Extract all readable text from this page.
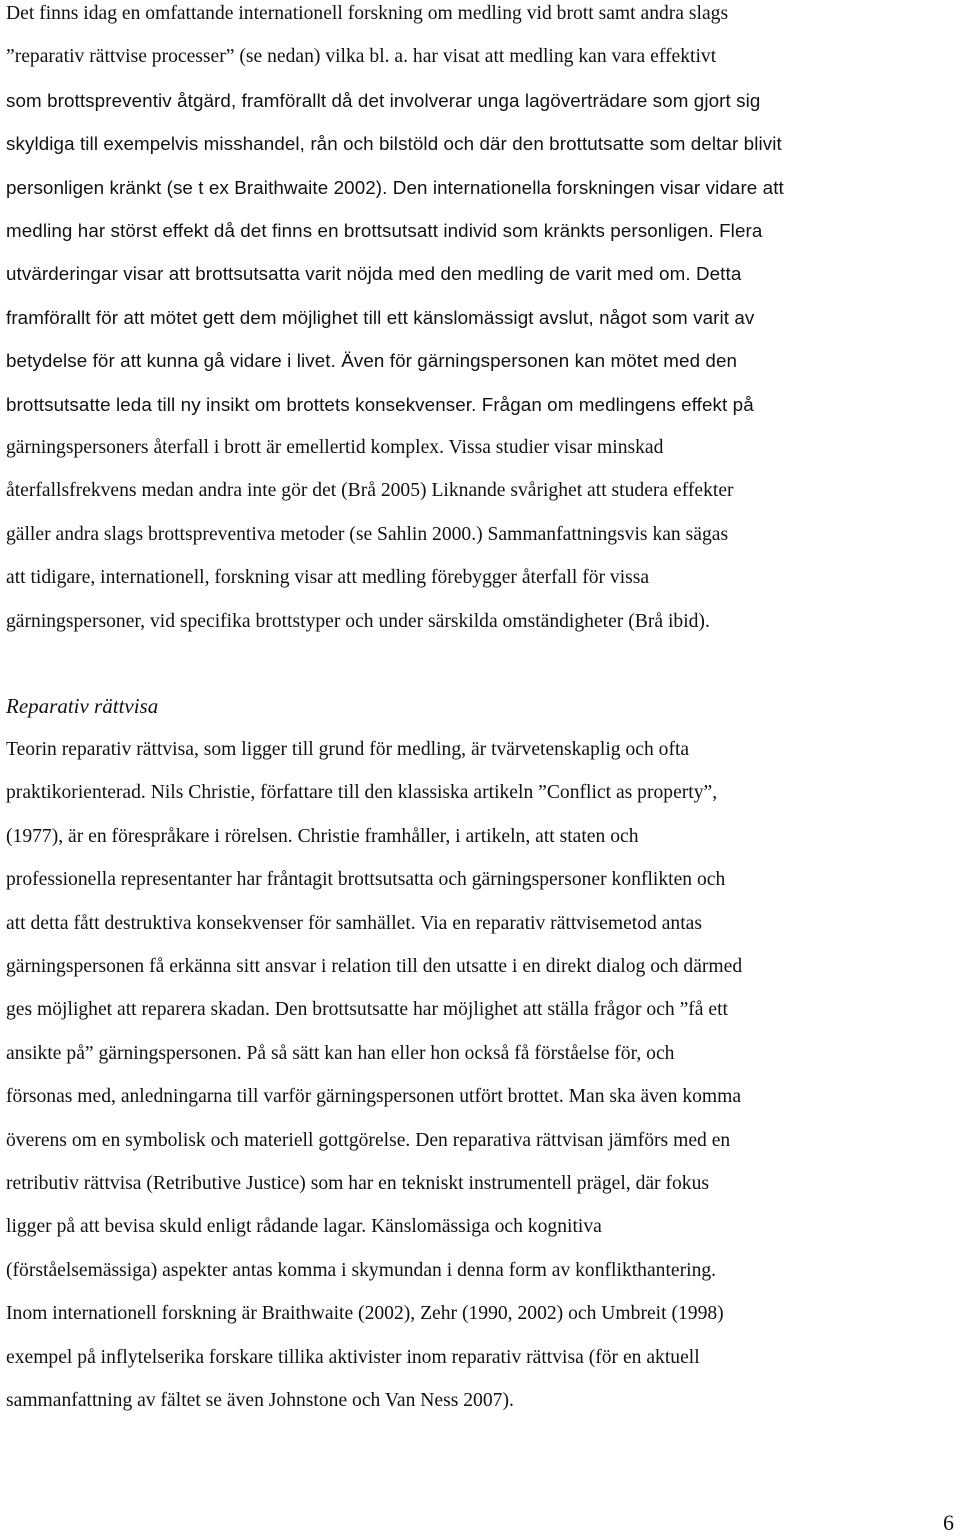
Det finns idag en omfattande internationell forskning om medling vid brott samt andra slags
”reparativ rättvise processer” (se nedan) vilka bl. a. har visat att medling kan vara effektivt
som brottspreventiv åtgärd, framförallt då det involverar unga lagöverträdare som gjort sig
skyldiga till exempelvis misshandel, rån och bilstöld och där den brottutsatte som deltar blivit
personligen kränkt (se t ex Braithwaite 2002). Den internationella forskningen visar vidare att
medling har störst effekt då det finns en brottsutsatt individ som kränkts personligen. Flera
utvärderingar visar att brottsutsatta varit nöjda med den medling de varit med om. Detta
framförallt för att mötet gett dem möjlighet till ett känslomässigt avslut, något som varit av
betydelse för att kunna gå vidare i livet. Även för gärningspersonen kan mötet med den
brottsutsatte leda till ny insikt om brottets konsekvenser. Frågan om medlingens effekt på
gärningspersoners återfall i brott är emellertid komplex. Vissa studier visar minskad
återfallsfrekvens medan andra inte gör det (Brå 2005) Liknande svårighet att studera effekter
gäller andra slags brottspreventiva metoder (se Sahlin 2000.) Sammanfattningsvis kan sägas
att tidigare, internationell, forskning visar att medling förebygger återfall för vissa
gärningspersoner, vid specifika brottstyper och under särskilda omständigheter (Brå ibid).

Reparativ rättvisa

Teorin reparativ rättvisa, som ligger till grund för medling, är tvärvetenskaplig och ofta
praktikorienterad. Nils Christie, författare till den klassiska artikeln ”Conflict as property”,
(1977), är en förespråkare i rörelsen. Christie framhåller, i artikeln, att staten och
professionella representanter har fråntagit brottsutsatta och gärningspersoner konflikten och
att detta fått destruktiva konsekvenser för samhället. Via en reparativ rättvisemetod antas
gärningspersonen få erkänna sitt ansvar i relation till den utsatte i en direkt dialog och därmed
ges möjlighet att reparera skadan. Den brottsutsatte har möjlighet att ställa frågor och ”få ett
ansikte på” gärningspersonen. På så sätt kan han eller hon också få förståelse för, och
försonas med, anledningarna till varför gärningspersonen utfört brottet. Man ska även komma
överens om en symbolisk och materiell gottgörelse. Den reparativa rättvisan jämförs med en
retributiv rättvisa (Retributive Justice) som har en tekniskt instrumentell prägel, där fokus
ligger på att bevisa skuld enligt rådande lagar. Känslomässiga och kognitiva
(förståelsemässiga) aspekter antas komma i skymundan i denna form av konflikthantering.
Inom internationell forskning är Braithwaite (2002), Zehr (1990, 2002) och Umbreit (1998)
exempel på inflytelserika forskare tillika aktivister inom reparativ rättvisa (för en aktuell
sammanfattning av fältet se även Johnstone och Van Ness 2007).

6
